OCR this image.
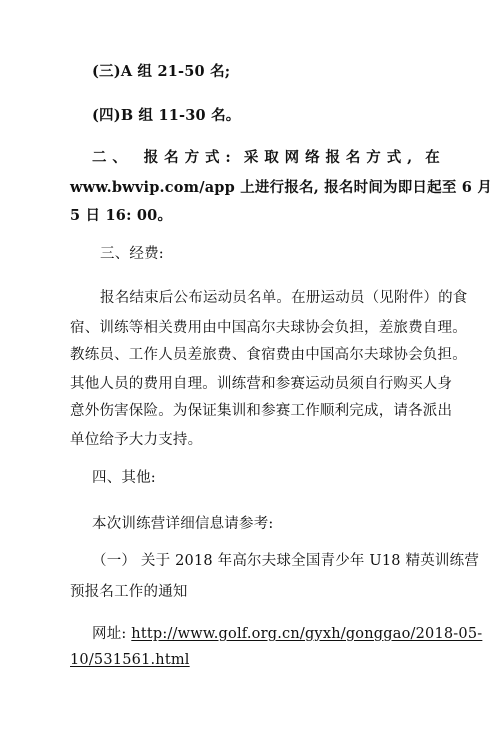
(三)A 组 21-50 名;
(四)B 组 11-30 名。
二、 报名方式: 采取网络报名方式, 在
www.bwvip.com/app 上进行报名, 报名时间为即日起至 6 月
5 日 16: 00。
三、经费:
报名结束后公布运动员名单。在册运动员（见附件）的食
宿、训练等相关费用由中国高尔夫球协会负担，差旅费自理。
教练员、工作人员差旅费、食宿费由中国高尔夫球协会负担。
其他人员的费用自理。训练营和参赛运动员须自行购买人身
意外伤害保险。为保证集训和参赛工作顺利完成，请各派出
单位给予大力支持。
四、其他:
本次训练营详细信息请参考:
（一） 关于 2018 年高尔夫球全国青少年 U18 精英训练营
预报名工作的通知
网址: http://www.golf.org.cn/gyxh/gonggao/2018-05-
10/531561.html
